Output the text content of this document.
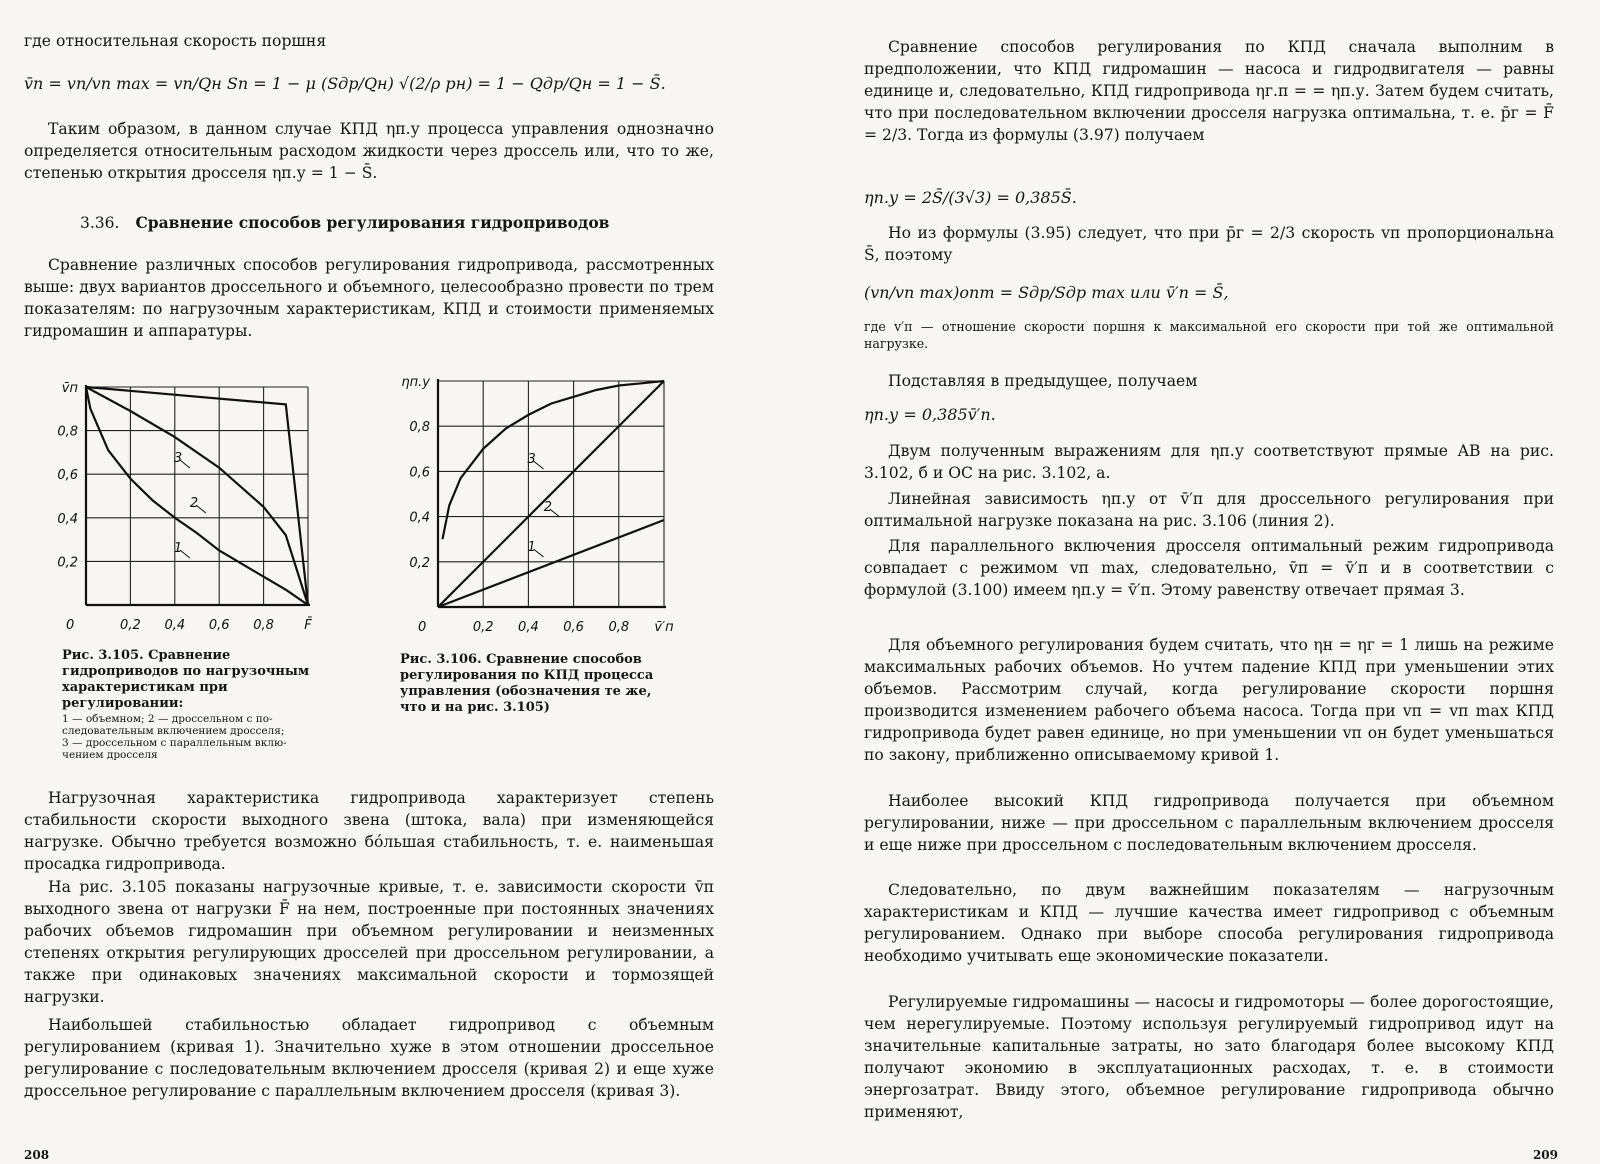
где относительная скорость поршня

v̄п = vп/vп max = vп/Qн Sп = 1 − μ (Sдр/Qн) √(2/ρ pн) = 1 − Qдр/Qн = 1 − S̄.

Таким образом, в данном случае КПД ηп.у процесса управления однозначно определяется относительным расходом жидкости через дроссель или, что то же, степенью открытия дросселя ηп.у = 1 − S̄.

3.36. Сравнение способов регулирования гидроприводов

Сравнение различных способов регулирования гидропривода, рассмотренных выше: двух вариантов дроссельного и объемного, целесообразно провести по трем показателям: по нагрузочным характеристикам, КПД и стоимости применяемых гидромашин и аппаратуры.

0	0,2 0,4 0,6 0,8 F̄
0,2
0,4
0,6
0,8
v̄п
1
2
3
0	0,2 0,4 0,6 0,8 v̄′п
0,2
0,4
0,6
0,8
ηп.у
1
2
3

Рис. 3.105. Сравнение гидроприводов по нагрузочным характеристикам при регулировании:

1 — объемном; 2 — дроссельном с по-
следовательным включением дросселя;
3 — дроссельном с параллельным вклю-
чением дросселя

Рис. 3.106. Сравнение способов регулирования по КПД процесса управления (обозначения те же, что и на рис. 3.105)

Нагрузочная характеристика гидропривода характеризует степень стабильности скорости выходного звена (штока, вала) при изменяющейся нагрузке. Обычно требуется возможно бо́льшая стабильность, т. е. наименьшая просадка гидропривода.

На рис. 3.105 показаны нагрузочные кривые, т. е. зависимости скорости v̄п выходного звена от нагрузки F̄ на нем, построенные при постоянных значениях рабочих объемов гидромашин при объемном регулировании и неизменных степенях открытия регулирующих дросселей при дроссельном регулировании, а также при одинаковых значениях максимальной скорости и тормозящей нагрузки.

Наибольшей стабильностью обладает гидропривод с объемным регулированием (кривая 1). Значительно хуже в этом отношении дроссельное регулирование с последовательным включением дросселя (кривая 2) и еще хуже дроссельное регулирование с параллельным включением дросселя (кривая 3).

208

Сравнение способов регулирования по КПД сначала выполним в предположении, что КПД гидромашин — насоса и гидродвигателя — равны единице и, следовательно, КПД гидропривода ηг.п = = ηп.у. Затем будем считать, что при последовательном включении дросселя нагрузка оптимальна, т. е. p̄г = F̄ = 2/3. Тогда из формулы (3.97) получаем

ηп.у = 2S̄/(3√3) = 0,385S̄.

Но из формулы (3.95) следует, что при p̄г = 2/3 скорость vп пропорциональна S̄, поэтому

(vп/vп max)опт = Sдр/Sдр max или v̄′п = S̄,

где v′п — отношение скорости поршня к максимальной его скорости при той же оптимальной нагрузке.

Подставляя в предыдущее, получаем

ηп.у = 0,385v̄′п.

Двум полученным выражениям для ηп.у соответствуют прямые AB на рис. 3.102, б и OC на рис. 3.102, а.

Линейная зависимость ηп.у от v̄′п для дроссельного регулирования при оптимальной нагрузке показана на рис. 3.106 (линия 2).

Для параллельного включения дросселя оптимальный режим гидропривода совпадает с режимом vп max, следовательно, v̄п = v̄′п и в соответствии с формулой (3.100) имеем ηп.у = v̄′п. Этому равенству отвечает прямая 3.

Для объемного регулирования будем считать, что ηн = ηг = 1 лишь на режиме максимальных рабочих объемов. Но учтем падение КПД при уменьшении этих объемов. Рассмотрим случай, когда регулирование скорости поршня производится изменением рабочего объема насоса. Тогда при vп = vп max КПД гидропривода будет равен единице, но при уменьшении vп он будет уменьшаться по закону, приближенно описываемому кривой 1.

Наиболее высокий КПД гидропривода получается при объемном регулировании, ниже — при дроссельном с параллельным включением дросселя и еще ниже при дроссельном с последовательным включением дросселя.

Следовательно, по двум важнейшим показателям — нагрузочным характеристикам и КПД — лучшие качества имеет гидропривод с объемным регулированием. Однако при выборе способа регулирования гидропривода необходимо учитывать еще экономические показатели.

Регулируемые гидромашины — насосы и гидромоторы — более дорогостоящие, чем нерегулируемые. Поэтому используя регулируемый гидропривод идут на значительные капитальные затраты, но зато благодаря более высокому КПД получают экономию в эксплуатационных расходах, т. е. в стоимости энергозатрат. Ввиду этого, объемное регулирование гидропривода обычно применяют,

209
